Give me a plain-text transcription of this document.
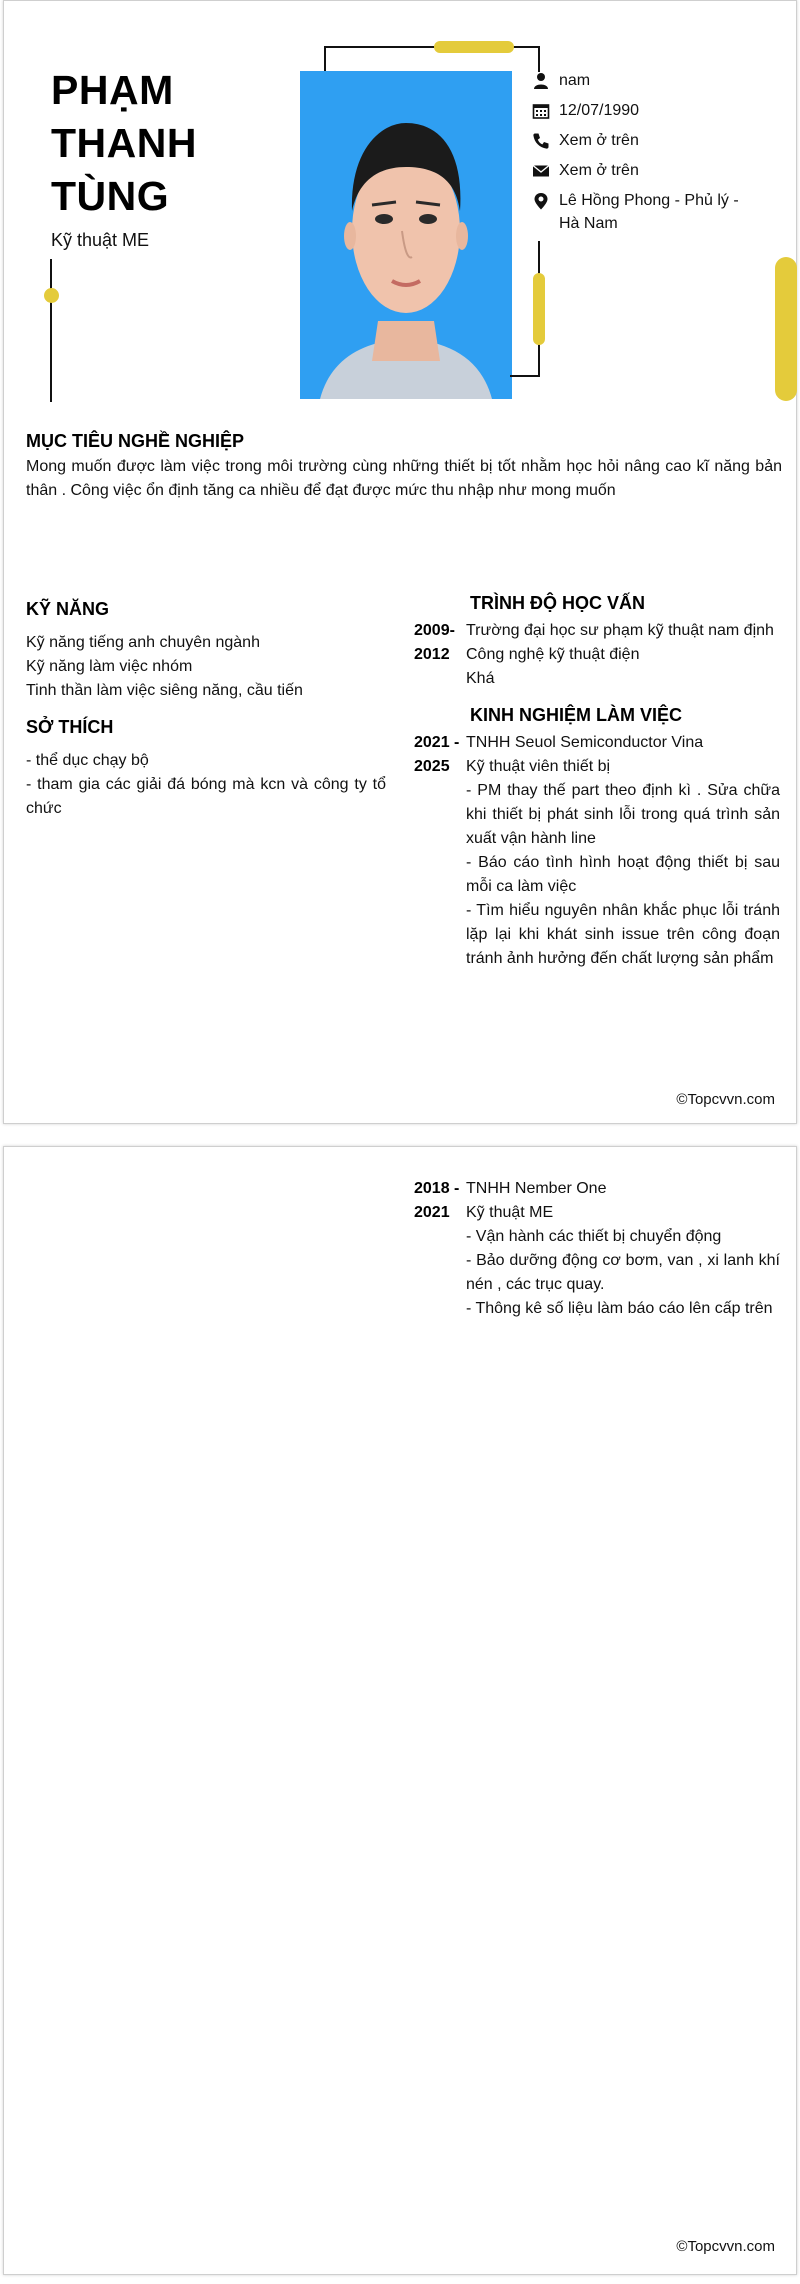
PHẠM
THANH
TÙNG
Kỹ thuật ME
nam
12/07/1990
Xem ở trên
Xem ở trên
Lê Hồng Phong - Phủ lý - Hà Nam
MỤC TIÊU NGHỀ NGHIỆP
Mong muốn được làm việc trong môi trường cùng những thiết bị tốt nhằm học hỏi nâng cao kĩ năng bản thân . Công việc ổn định tăng ca nhiều để đạt được mức thu nhập như mong muốn
KỸ NĂNG
Kỹ năng tiếng anh chuyên ngành
Kỹ năng làm việc nhóm
Tinh thần làm việc siêng năng, cầu tiến
SỞ THÍCH
- thể dục chạy bộ
- tham gia các giải đá bóng mà kcn và công ty tổ chức
TRÌNH ĐỘ HỌC VẤN
2009-
2012
Trường đại học sư phạm kỹ thuật nam định
Công nghệ kỹ thuật điện
Khá
KINH NGHIỆM LÀM VIỆC
2021 -
2025
TNHH Seuol Semiconductor Vina
Kỹ thuật viên thiết bị
- PM thay thế part theo định kì . Sửa chữa khi thiết bị phát sinh lỗi trong quá trình sản xuất vận hành line
- Báo cáo tình hình hoạt động thiết bị sau mỗi ca làm việc
- Tìm hiểu nguyên nhân khắc phục lỗi tránh lặp lại khi khát sinh issue trên công đoạn tránh ảnh hưởng đến chất lượng sản phẩm
©Topcvvn.com
2018 -
2021
TNHH Nember One
Kỹ thuật ME
- Vận hành các thiết bị chuyển động
- Bảo dưỡng động cơ bơm, van , xi lanh khí nén , các trục quay.
- Thông kê số liệu làm báo cáo lên cấp trên
©Topcvvn.com
